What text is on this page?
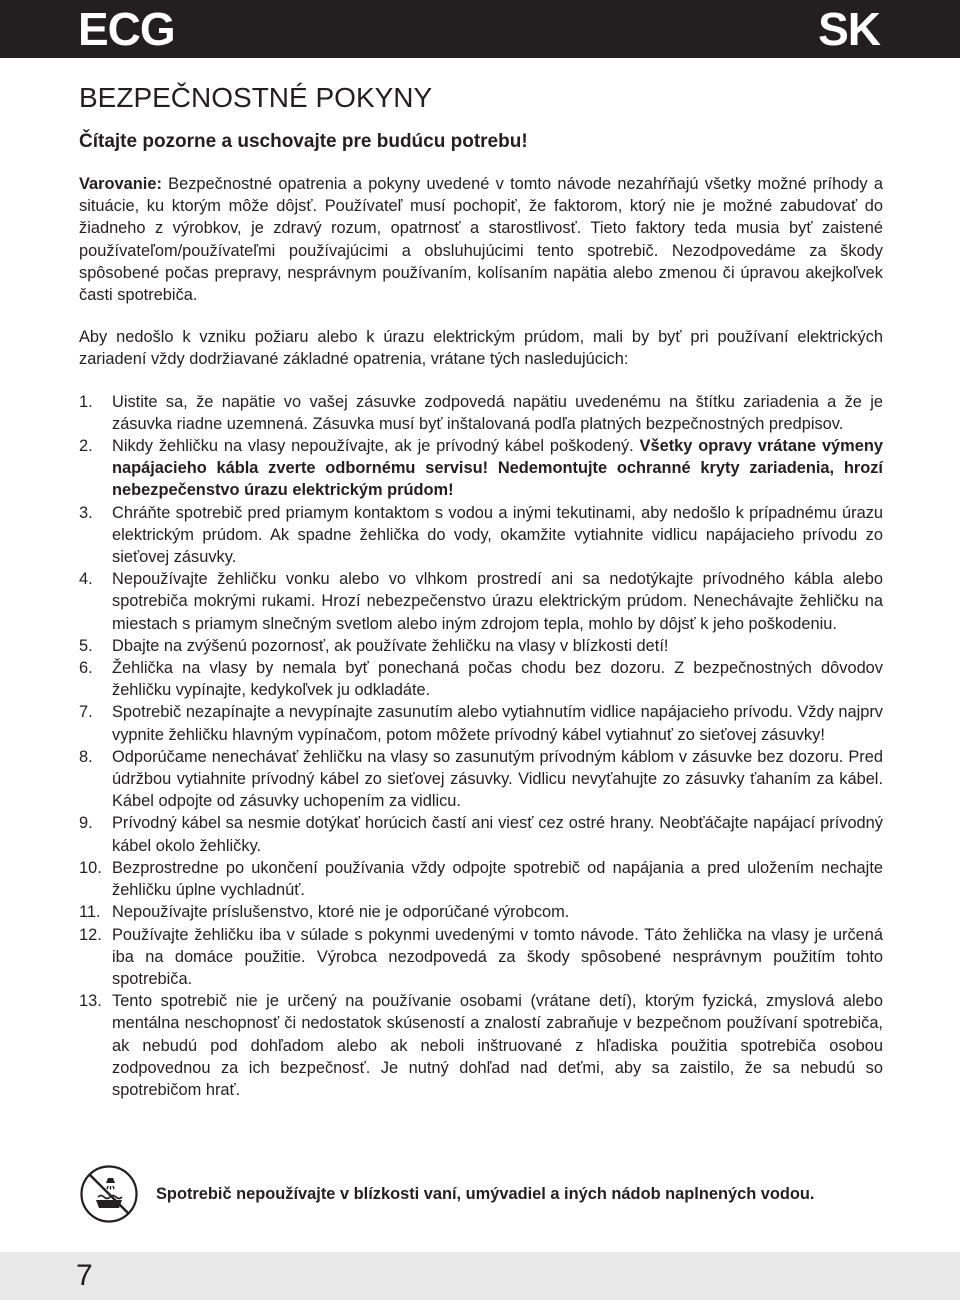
ECG	SK
BEZPEČNOSTNÉ POKYNY
Čítajte pozorne a uschovajte pre budúcu potrebu!

Varovanie: Bezpečnostné opatrenia a pokyny uvedené v tomto návode nezahŕňajú všetky možné príhody a situácie, ku ktorým môže dôjsť. Používateľ musí pochopiť, že faktorom, ktorý nie je možné zabudovať do žiadneho z výrobkov, je zdravý rozum, opatrnosť a starostlivosť. Tieto faktory teda musia byť zaistené používateľom/používateľmi používajúcimi a obsluhujúcimi tento spotrebič. Nezodpovedáme za škody spôsobené počas prepravy, nesprávnym používaním, kolísaním napätia alebo zmenou či úpravou akejkoľvek časti spotrebiča.

Aby nedošlo k vzniku požiaru alebo k úrazu elektrickým prúdom, mali by byť pri používaní elektrických zariadení vždy dodržiavané základné opatrenia, vrátane tých nasledujúcich:

1. Uistite sa, že napätie vo vašej zásuvke zodpovedá napätiu uvedenému na štítku zariadenia a že je zásuvka riadne uzemnená. Zásuvka musí byť inštalovaná podľa platných bezpečnostných predpisov.
2. Nikdy žehličku na vlasy nepoužívajte, ak je prívodný kábel poškodený. Všetky opravy vrátane výmeny napájacieho kábla zverte odbornému servisu! Nedemontujte ochranné kryty zariadenia, hrozí nebezpečenstvo úrazu elektrickým prúdom!
3. Chráňte spotrebič pred priamym kontaktom s vodou a inými tekutinami, aby nedošlo k prípadnému úrazu elektrickým prúdom. Ak spadne žehlička do vody, okamžite vytiahnite vidlicu napájacieho prívodu zo sieťovej zásuvky.
4. Nepoužívajte žehličku vonku alebo vo vlhkom prostredí ani sa nedotýkajte prívodného kábla alebo spotrebiča mokrými rukami. Hrozí nebezpečenstvo úrazu elektrickým prúdom. Nenechávajte žehličku na miestach s priamym slnečným svetlom alebo iným zdrojom tepla, mohlo by dôjsť k jeho poškodeniu.
5. Dbajte na zvýšenú pozornosť, ak používate žehličku na vlasy v blízkosti detí!
6. Žehlička na vlasy by nemala byť ponechaná počas chodu bez dozoru. Z bezpečnostných dôvodov žehličku vypínajte, kedykoľvek ju odkladáte.
7. Spotrebič nezapínajte a nevypínajte zasunutím alebo vytiahnutím vidlice napájacieho prívodu. Vždy najprv vypnite žehličku hlavným vypínačom, potom môžete prívodný kábel vytiahnuť zo sieťovej zásuvky!
8. Odporúčame nenechávať žehličku na vlasy so zasunutým prívodným káblom v zásuvke bez dozoru. Pred údržbou vytiahnite prívodný kábel zo sieťovej zásuvky. Vidlicu nevyťahujte zo zásuvky ťahaním za kábel. Kábel odpojte od zásuvky uchopením za vidlicu.
9. Prívodný kábel sa nesmie dotýkať horúcich častí ani viesť cez ostré hrany. Neobťáčajte napájací prívodný kábel okolo žehličky.
10. Bezprostredne po ukončení používania vždy odpojte spotrebič od napájania a pred uložením nechajte žehličku úplne vychladnúť.
11. Nepoužívajte príslušenstvo, ktoré nie je odporúčané výrobcom.
12. Používajte žehličku iba v súlade s pokynmi uvedenými v tomto návode. Táto žehlička na vlasy je určená iba na domáce použitie. Výrobca nezodpovedá za škody spôsobené nesprávnym použitím tohto spotrebiča.
13. Tento spotrebič nie je určený na používanie osobami (vrátane detí), ktorým fyzická, zmyslová alebo mentálna neschopnosť či nedostatok skúseností a znalostí zabraňuje v bezpečnom používaní spotrebiča, ak nebudú pod dohľadom alebo ak neboli inštruované z hľadiska použitia spotrebiča osobou zodpovednou za ich bezpečnosť. Je nutný dohľad nad deťmi, aby sa zaistilo, že sa nebudú so spotrebičom hrať.
Spotrebič nepoužívajte v blízkosti vaní, umývadiel a iných nádob naplnených vodou.
7
